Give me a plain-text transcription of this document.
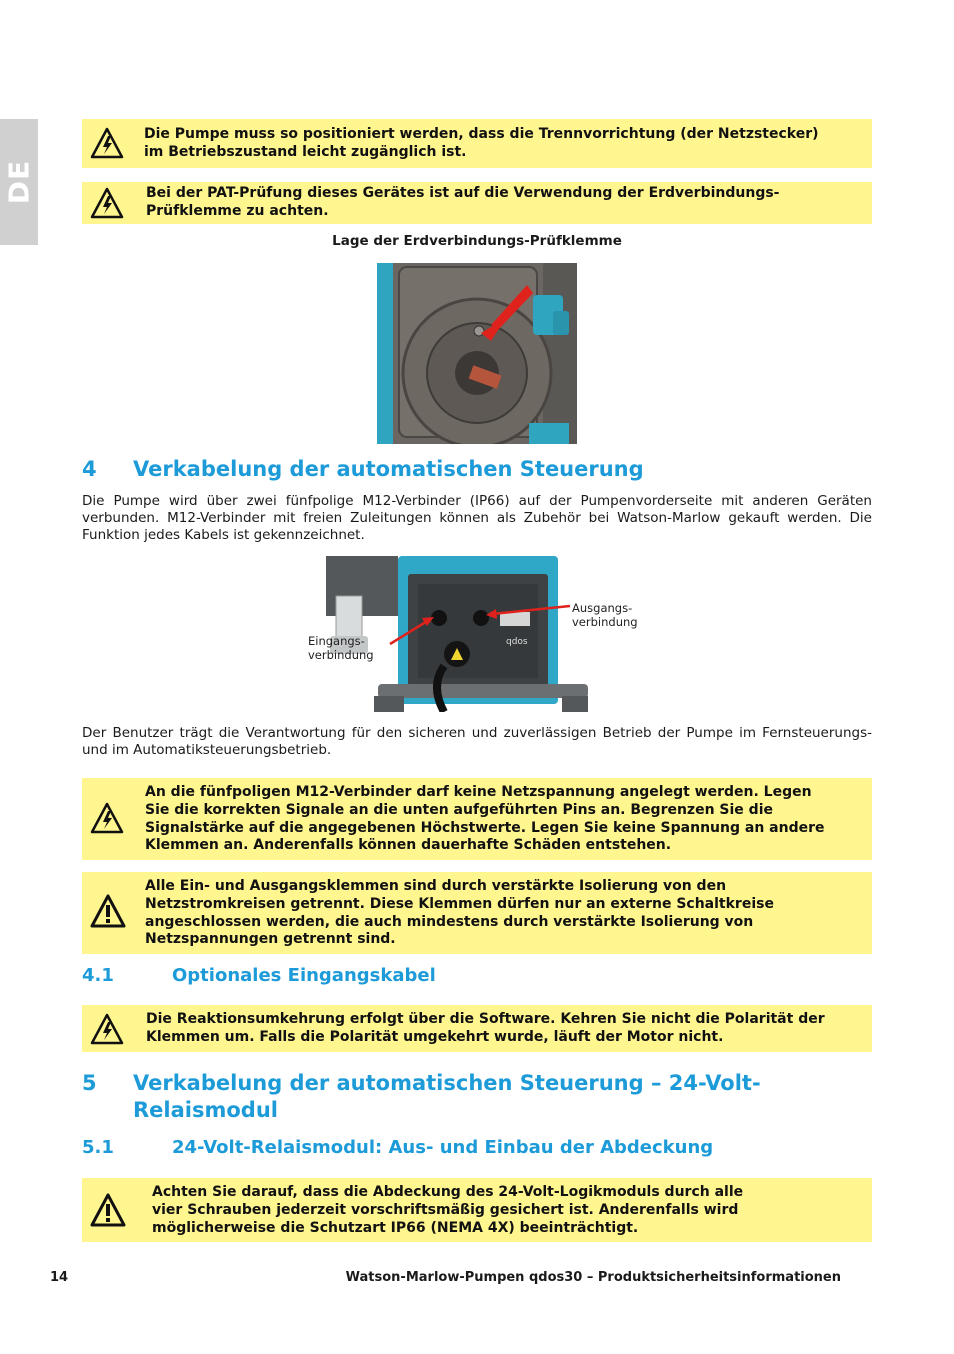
DE
Die Pumpe muss so positioniert werden, dass die Trennvorrichtung (der Netzstecker)
im Betriebszustand leicht zugänglich ist.
Bei der PAT-Prüfung dieses Gerätes ist auf die Verwendung der Erdverbindungs-
Prüfklemme zu achten.
Lage der Erdverbindungs-Prüfklemme
4 Verkabelung der automatischen Steuerung
Die Pumpe wird über zwei fünfpolige M12-Verbinder (IP66) auf der Pumpenvorderseite mit anderen Geräten verbunden. M12-Verbinder mit freien Zuleitungen können als Zubehör bei Watson-Marlow gekauft werden. Die Funktion jedes Kabels ist gekennzeichnet.
qdos
Ausgangs-
verbindung
Eingangs-
verbindung
Der Benutzer trägt die Verantwortung für den sicheren und zuverlässigen Betrieb der Pumpe im Fernsteuerungs- und im Automatiksteuerungsbetrieb.
An die fünfpoligen M12-Verbinder darf keine Netzspannung angelegt werden. Legen
Sie die korrekten Signale an die unten aufgeführten Pins an. Begrenzen Sie die
Signalstärke auf die angegebenen Höchstwerte. Legen Sie keine Spannung an andere
Klemmen an. Anderenfalls können dauerhafte Schäden entstehen.
Alle Ein- und Ausgangsklemmen sind durch verstärkte Isolierung von den
Netzstromkreisen getrennt. Diese Klemmen dürfen nur an externe Schaltkreise
angeschlossen werden, die auch mindestens durch verstärkte Isolierung von
Netzspannungen getrennt sind.
4.1	Optionales Eingangskabel
Die Reaktionsumkehrung erfolgt über die Software. Kehren Sie nicht die Polarität der
Klemmen um. Falls die Polarität umgekehrt wurde, läuft der Motor nicht.
5 Verkabelung der automatischen Steuerung – 24-Volt-
Relaismodul
5.1	24-Volt-Relaismodul: Aus- und Einbau der Abdeckung
Achten Sie darauf, dass die Abdeckung des 24-Volt-Logikmoduls durch alle
vier Schrauben jederzeit vorschriftsmäßig gesichert ist. Anderenfalls wird
möglicherweise die Schutzart IP66 (NEMA 4X) beeinträchtigt.
14	Watson-Marlow-Pumpen qdos30 – Produktsicherheitsinformationen
